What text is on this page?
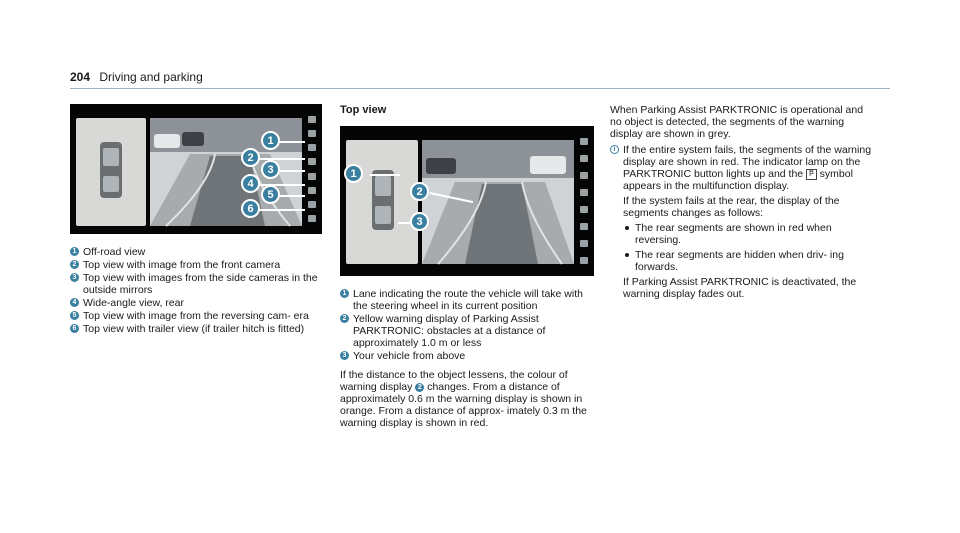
204 Driving and parking
1
2
3
4
5
6
1 Off-road view
2 Top view with image from the front camera
3 Top view with images from the side cameras in the outside mirrors
4 Wide-angle view, rear
5 Top view with image from the reversing cam- era
6 Top view with trailer view (if trailer hitch is fitted)
Top view
1
2
3
1 Lane indicating the route the vehicle will take with the steering wheel in its current position
2 Yellow warning display of Parking Assist PARKTRONIC: obstacles at a distance of approximately 1.0 m or less
3 Your vehicle from above

If the distance to the object lessens, the colour of warning display 2 changes. From a distance of approximately 0.6 m the warning display is shown in orange. From a distance of approx- imately 0.3 m the warning display is shown in red.

When Parking Assist PARKTRONIC is operational and no object is detected, the segments of the warning display are shown in grey.

i If the entire system fails, the segments of the warning display are shown in red. The indicator lamp on the PARKTRONIC button lights up and the P̅ symbol appears in the multifunction display.

If the system fails at the rear, the display of the segments changes as follows:

The rear segments are shown in red when reversing.
The rear segments are hidden when driv- ing forwards.

If Parking Assist PARKTRONIC is deactivated, the warning display fades out.
